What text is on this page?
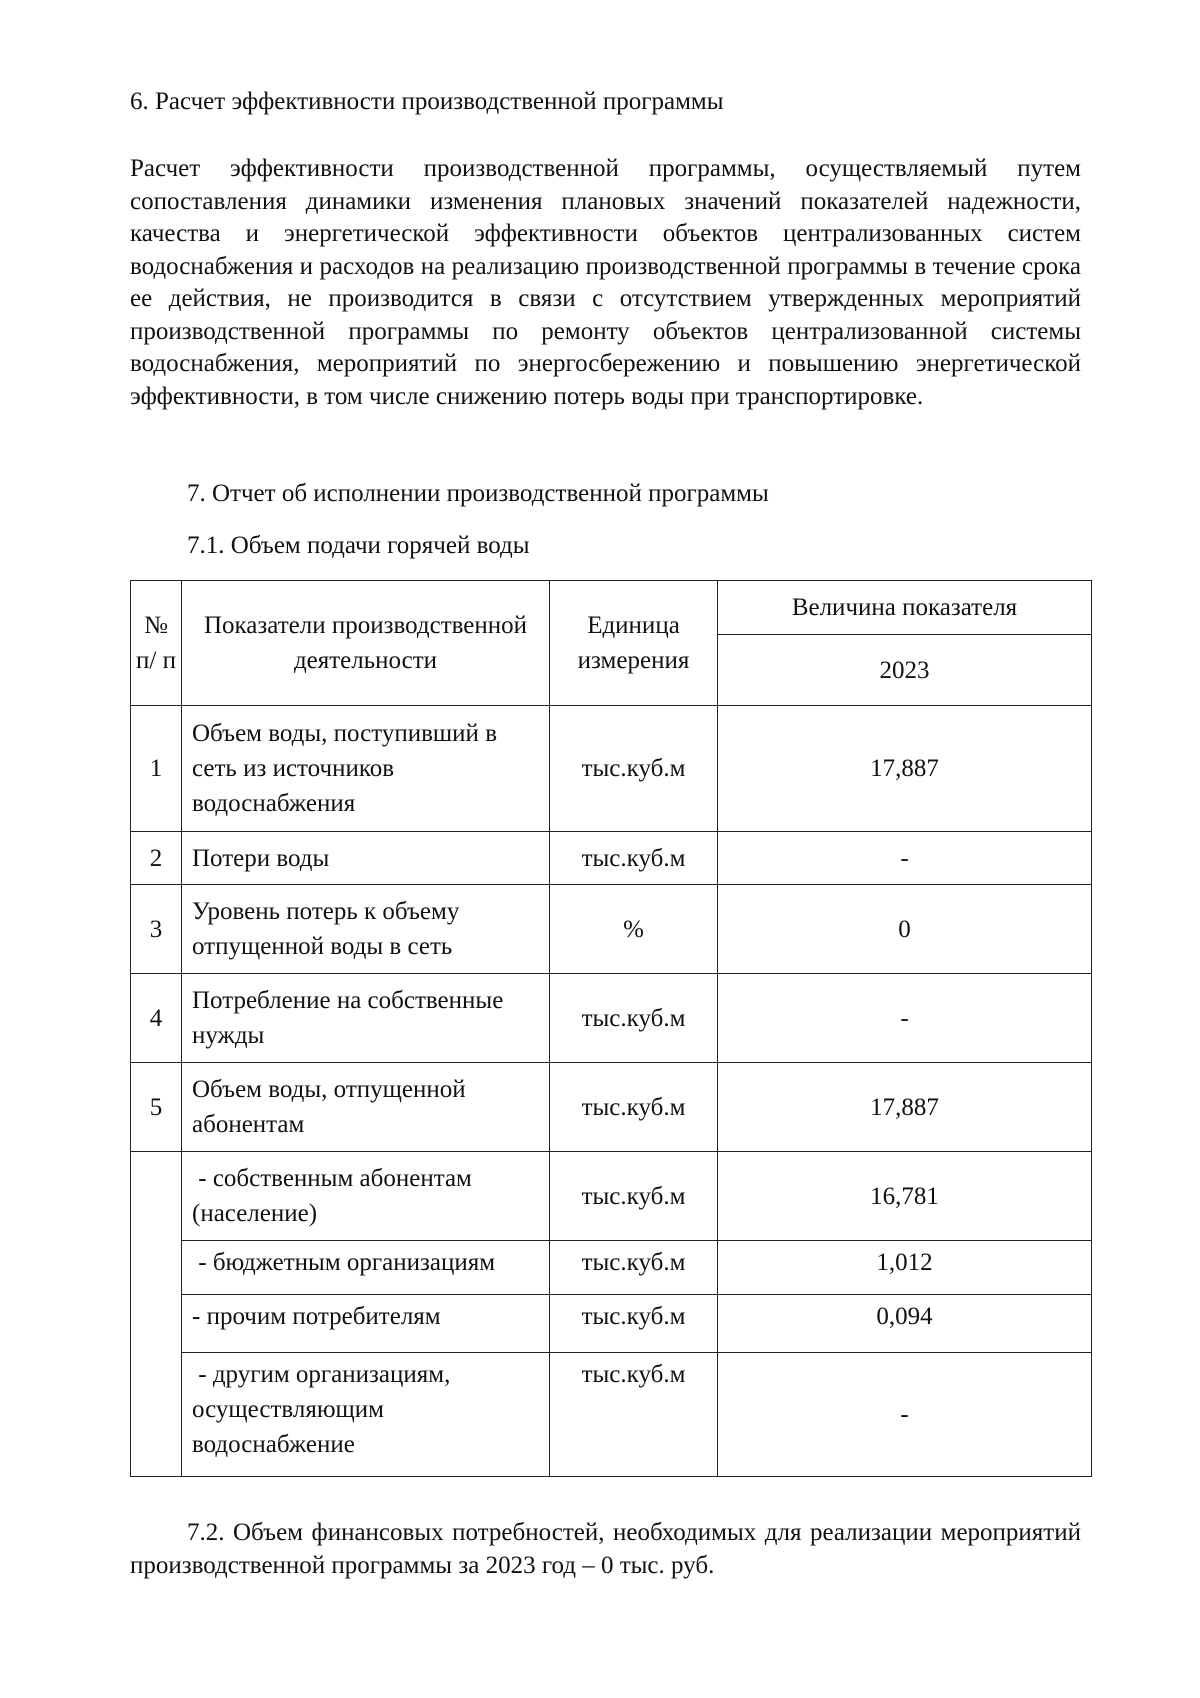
6. Расчет эффективности производственной программы

Расчет эффективности производственной программы, осуществляемый путем сопоставления динамики изменения плановых значений показателей надежности, качества и энергетической эффективности объектов централизованных систем водоснабжения и расходов на реализацию производственной программы в течение срока ее действия, не производится в связи с отсутствием утвержденных мероприятий производственной программы по ремонту объектов централизованной системы водоснабжения, мероприятий по энергосбережению и повышению энергетической эффективности, в том числе снижению потерь воды при транспортировке.

7. Отчет об исполнении производственной программы
7.1. Объем подачи горячей воды
№ п/ п	Показатели производственной деятельности	Единица измерения	Величина показателя
			2023
1	Объем воды, поступивший в сеть из источников водоснабжения	тыс.куб.м	17,887
2	Потери воды	тыс.куб.м	-
3	Уровень потерь к объему отпущенной воды в сеть	%	0
4	Потребление на собственные нужды	тыс.куб.м	-
5	Объем воды, отпущенной абонентам	тыс.куб.м	17,887
	- собственным абонентам (население)	тыс.куб.м	16,781
	- бюджетным организациям	тыс.куб.м	1,012
	- прочим потребителям	тыс.куб.м	0,094
	- другим организациям, осуществляющим водоснабжение	тыс.куб.м	-

7.2. Объем финансовых потребностей, необходимых для реализации мероприятий производственной программы за 2023 год – 0 тыс. руб.
